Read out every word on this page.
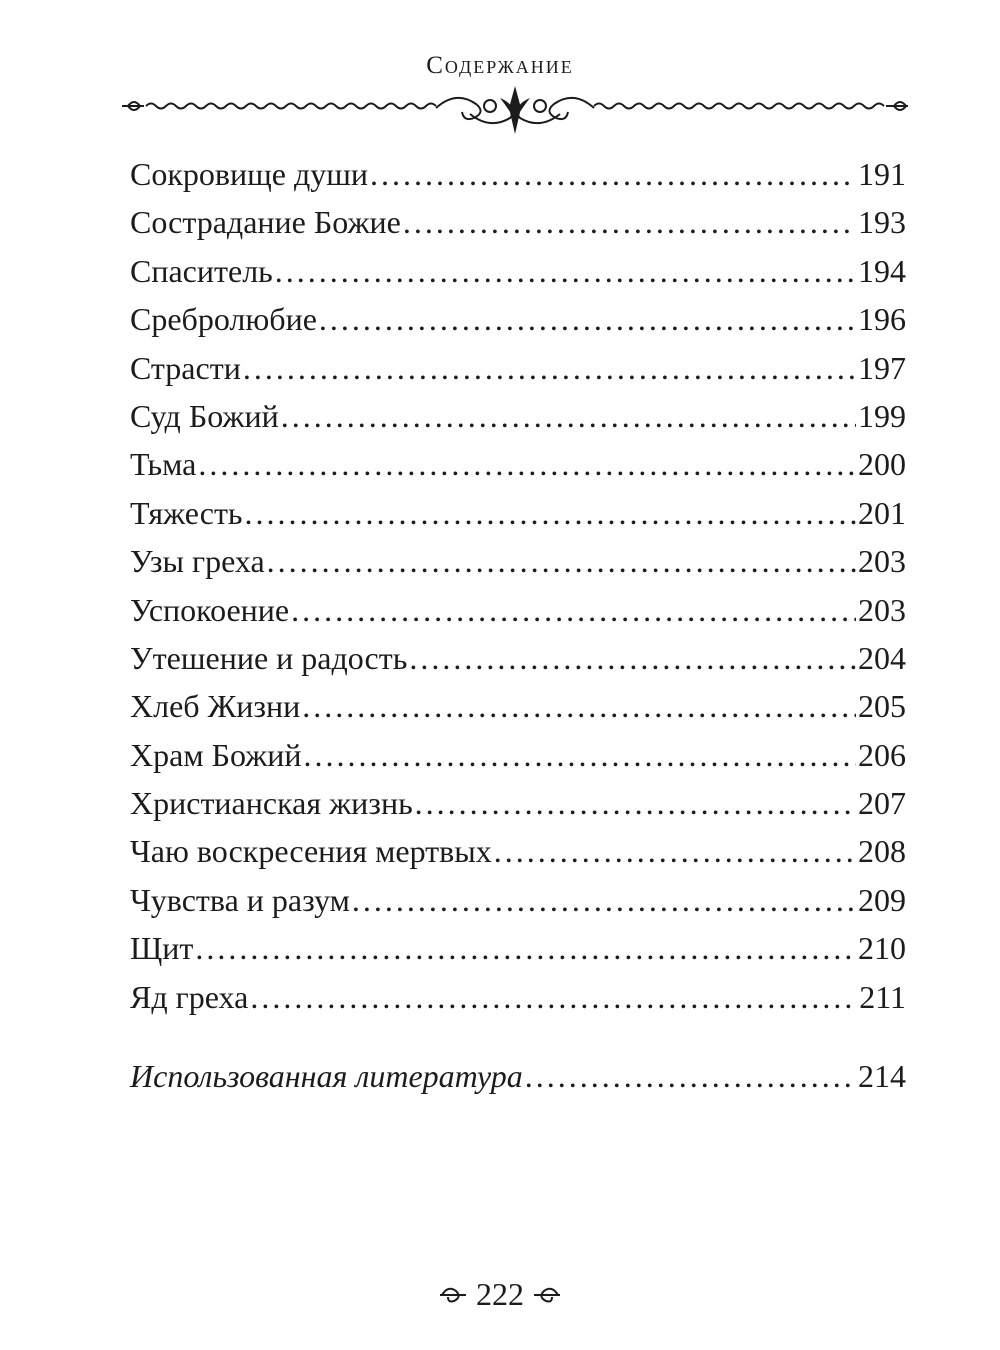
Содержание
Сокровище души .....	191
Сострадание Божие .....	193
Спаситель .....	194
Сребролюбие .....	196
Страсти .....	197
Суд Божий .....	199
Тьма .....	200
Тяжесть .....	201
Узы греха .....	203
Успокоение .....	203
Утешение и радость .....	204
Хлеб Жизни .....	205
Храм Божий .....	206
Христианская жизнь .....	207
Чаю воскресения мертвых .....	208
Чувства и разум .....	209
Щит .....	210
Яд греха .....	211
Использованная литература .....	214
222
